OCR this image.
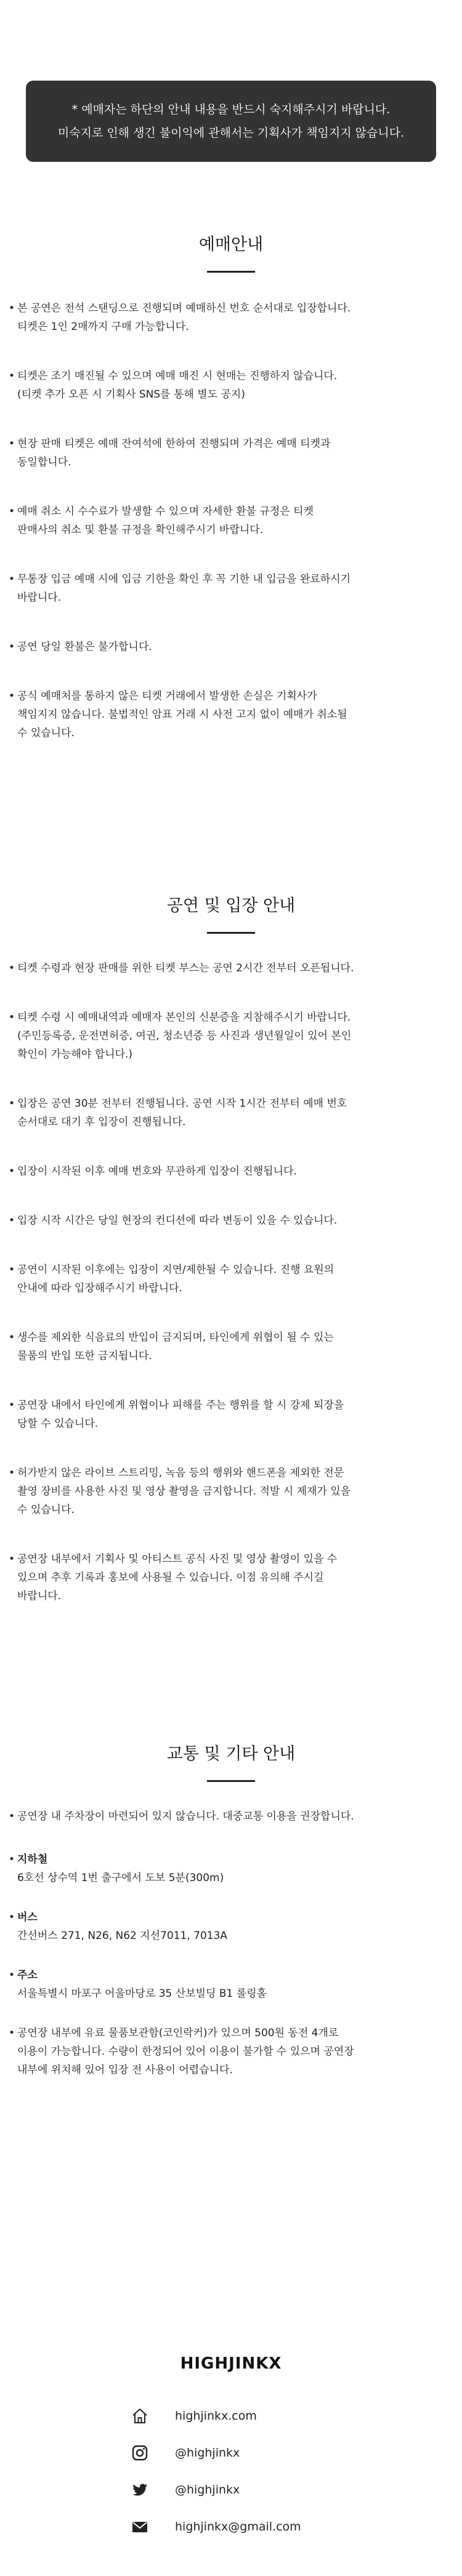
* 예매자는 하단의 안내 내용을 반드시 숙지해주시기 바랍니다.
미숙지로 인해 생긴 불이익에 관해서는 기획사가 책임지지 않습니다.
예매안내
• 본 공연은 전석 스탠딩으로 진행되며 예매하신 번호 순서대로 입장합니다.
티켓은 1인 2매까지 구매 가능합니다.
• 티켓은 조기 매진될 수 있으며 예매 매진 시 현매는 진행하지 않습니다.
(티켓 추가 오픈 시 기획사 SNS를 통해 별도 공지)
• 현장 판매 티켓은 예매 잔여석에 한하여 진행되며 가격은 예매 티켓과
동일합니다.
• 예매 취소 시 수수료가 발생할 수 있으며 자세한 환불 규정은 티켓
판매사의 취소 및 환불 규정을 확인해주시기 바랍니다.
• 무통장 입금 예매 시에 입금 기한을 확인 후 꼭 기한 내 입금을 완료하시기
바랍니다.
• 공연 당일 환불은 불가합니다.
• 공식 예매처를 통하지 않은 티켓 거래에서 발생한 손실은 기획사가
책임지지 않습니다. 불법적인 암표 거래 시 사전 고지 없이 예매가 취소될
수 있습니다.
공연 및 입장 안내
• 티켓 수령과 현장 판매를 위한 티켓 부스는 공연 2시간 전부터 오픈됩니다.
• 티켓 수령 시 예매내역과 예매자 본인의 신분증을 지참해주시기 바랍니다.
(주민등록증, 운전면허증, 여권, 청소년증 등 사진과 생년월일이 있어 본인
확인이 가능해야 합니다.)
• 입장은 공연 30분 전부터 진행됩니다. 공연 시작 1시간 전부터 예매 번호
순서대로 대기 후 입장이 진행됩니다.
• 입장이 시작된 이후 예매 번호와 무관하게 입장이 진행됩니다.
• 입장 시작 시간은 당일 현장의 컨디션에 따라 변동이 있을 수 있습니다.
• 공연이 시작된 이후에는 입장이 지연/제한될 수 있습니다. 진행 요원의
안내에 따라 입장해주시기 바랍니다.
• 생수를 제외한 식음료의 반입이 금지되며, 타인에게 위협이 될 수 있는
물품의 반입 또한 금지됩니다.
• 공연장 내에서 타인에게 위협이나 피해를 주는 행위를 할 시 강제 퇴장을
당할 수 있습니다.
• 허가받지 않은 라이브 스트리밍, 녹음 등의 행위와 핸드폰을 제외한 전문
촬영 장비를 사용한 사진 및 영상 촬영을 금지합니다. 적발 시 제재가 있을
수 있습니다.
• 공연장 내부에서 기획사 및 아티스트 공식 사진 및 영상 촬영이 있을 수
있으며 추후 기록과 홍보에 사용될 수 있습니다. 이점 유의해 주시길
바랍니다.
교통 및 기타 안내
• 공연장 내 주차장이 마련되어 있지 않습니다. 대중교통 이용을 권장합니다.
• 지하철
6호선 상수역 1번 출구에서 도보 5분(300m)
• 버스
간선버스 271, N26, N62 지선7011, 7013A
• 주소
서울특별시 마포구 어울마당로 35 산보빌딩 B1 롤링홀
• 공연장 내부에 유료 물품보관함(코인락커)가 있으며 500원 동전 4개로
이용이 가능합니다. 수량이 한정되어 있어 이용이 불가할 수 있으며 공연장
내부에 위치해 있어 입장 전 사용이 어렵습니다.
HIGHJINKX
highjinkx.com
@highjinkx
@highjinkx
highjinkx@gmail.com
